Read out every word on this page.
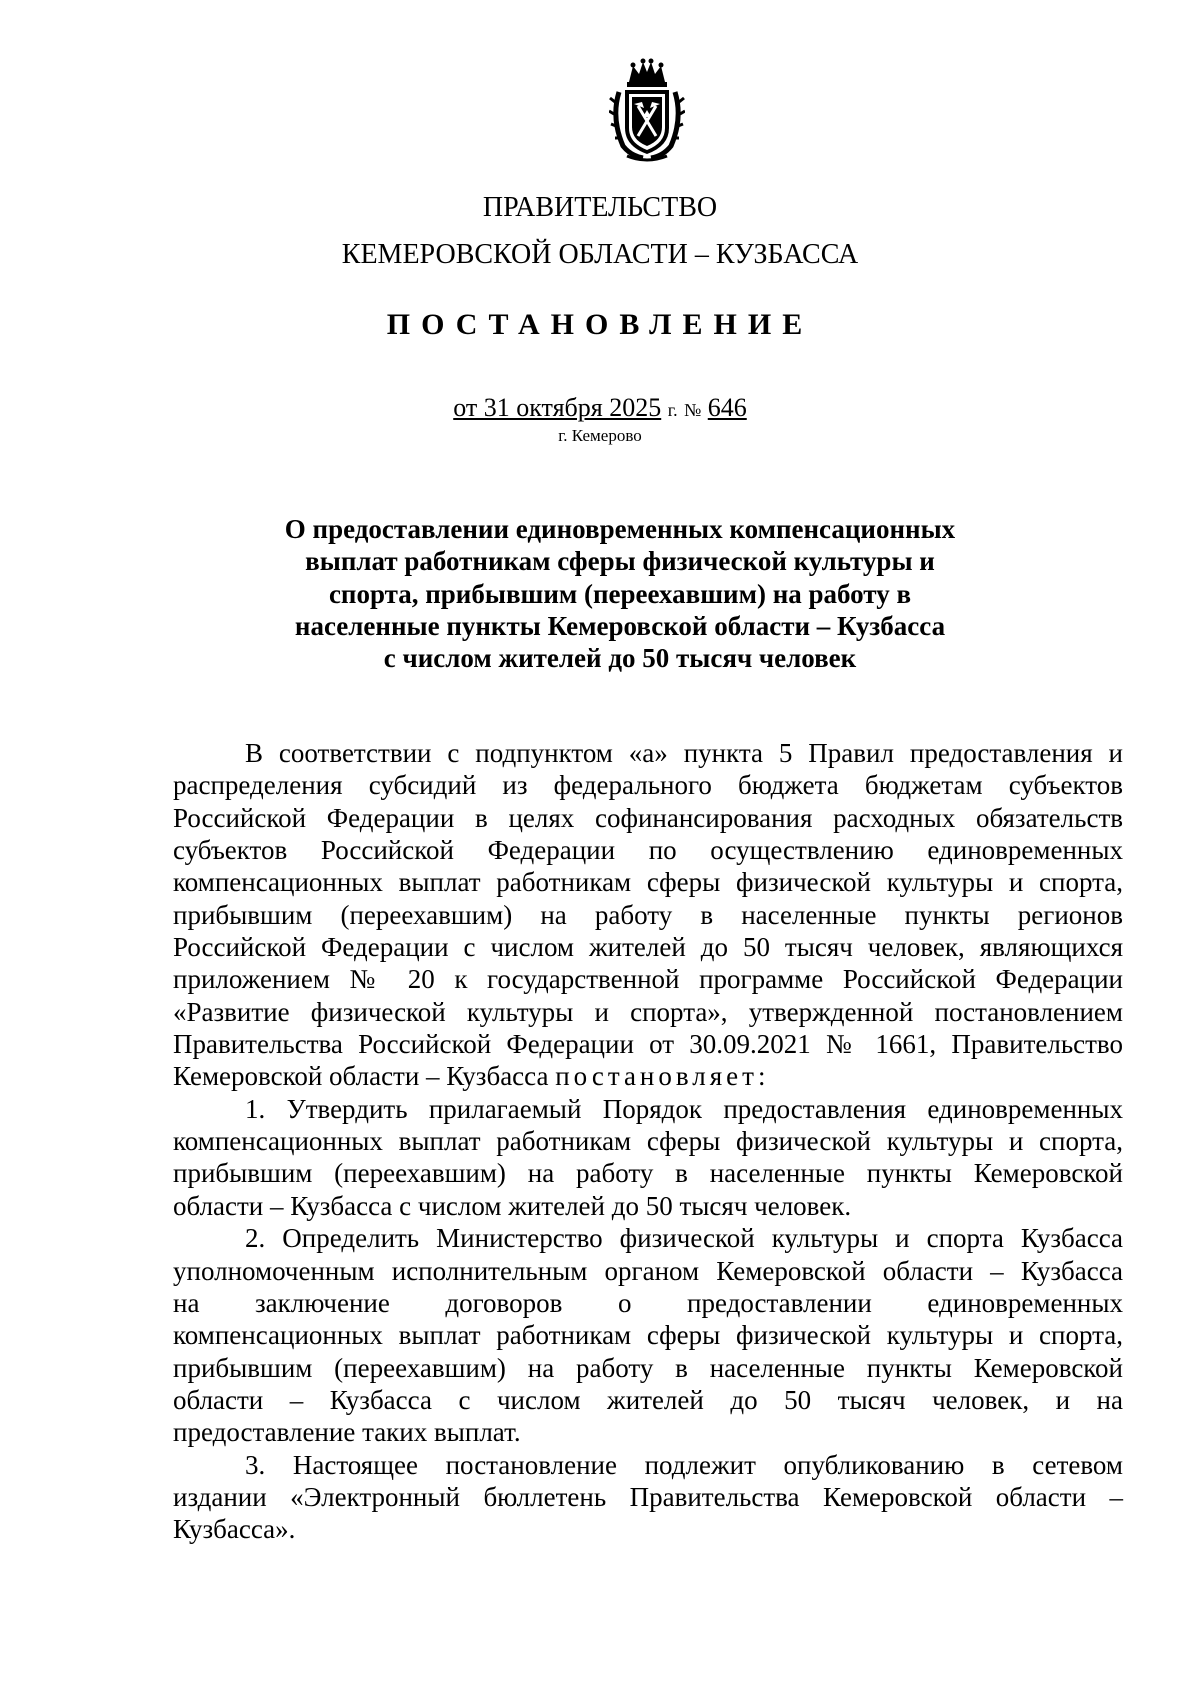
ПРАВИТЕЛЬСТВО
КЕМЕРОВСКОЙ ОБЛАСТИ – КУЗБАССА
ПОСТАНОВЛЕНИЕ
от 31 октября 2025 г. № 646
г. Кемерово
О предоставлении единовременных компенсационных
выплат работникам сферы физической культуры и
спорта, прибывшим (переехавшим) на работу в
населенные пункты Кемеровской области – Кузбасса
с числом жителей до 50 тысяч человек
В соответствии с подпунктом «а» пункта 5 Правил предоставления и
распределения субсидий из федерального бюджета бюджетам субъектов
Российской Федерации в целях софинансирования расходных обязательств
субъектов Российской Федерации по осуществлению единовременных
компенсационных выплат работникам сферы физической культуры и спорта,
прибывшим (переехавшим) на работу в населенные пункты регионов
Российской Федерации с числом жителей до 50 тысяч человек, являющихся
приложением № 20 к государственной программе Российской Федерации
«Развитие физической культуры и спорта», утвержденной постановлением
Правительства Российской Федерации от 30.09.2021 № 1661, Правительство
Кемеровской области – Кузбасса постановляет:
1. Утвердить прилагаемый Порядок предоставления единовременных
компенсационных выплат работникам сферы физической культуры и спорта,
прибывшим (переехавшим) на работу в населенные пункты Кемеровской
области – Кузбасса с числом жителей до 50 тысяч человек.
2. Определить Министерство физической культуры и спорта Кузбасса
уполномоченным исполнительным органом Кемеровской области – Кузбасса
на заключение договоров о предоставлении единовременных
компенсационных выплат работникам сферы физической культуры и спорта,
прибывшим (переехавшим) на работу в населенные пункты Кемеровской
области – Кузбасса с числом жителей до 50 тысяч человек, и на
предоставление таких выплат.
3. Настоящее постановление подлежит опубликованию в сетевом
издании «Электронный бюллетень Правительства Кемеровской области –
Кузбасса».
